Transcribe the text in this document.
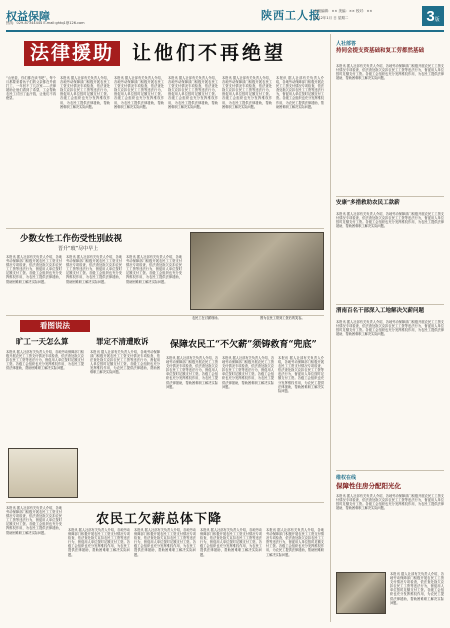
权益保障
热线：029-87344444 E-mail:ghtq1@126.com
陕西工人报
本版编辑：×× 美编：×× 校对：××
2012年1月 日 星期二	3版
法律援助 让他们不再绝望
“山里娃，你们都在读书吧”。每个月都要来看孩子们的父亲都在外面打工，一年回不了几次家……法律援助让他们看到了希望，工会帮助农民工讨回了血汗钱，让他们不再绝望。
本报讯 据人社部有关负责人介绍，各地劳动保障部门积极开展农民工工资支付情况专项检查，依法查处拖欠克扣农民工工资等违法行为，督促用人单位按时足额支付工资。各级工会组织也充分发挥维权作用，为农民工提供法律援助，帮助困难职工解决实际问题。
本报讯 据人社部有关负责人介绍，各地劳动保障部门积极开展农民工工资支付情况专项检查，依法查处拖欠克扣农民工工资等违法行为，督促用人单位按时足额支付工资。各级工会组织也充分发挥维权作用，为农民工提供法律援助，帮助困难职工解决实际问题。
本报讯 据人社部有关负责人介绍，各地劳动保障部门积极开展农民工工资支付情况专项检查，依法查处拖欠克扣农民工工资等违法行为，督促用人单位按时足额支付工资。各级工会组织也充分发挥维权作用，为农民工提供法律援助，帮助困难职工解决实际问题。
本报讯 据人社部有关负责人介绍，各地劳动保障部门积极开展农民工工资支付情况专项检查，依法查处拖欠克扣农民工工资等违法行为，督促用人单位按时足额支付工资。各级工会组织也充分发挥维权作用，为农民工提供法律援助，帮助困难职工解决实际问题。
本报讯 据人社部有关负责人介绍，各地劳动保障部门积极开展农民工工资支付情况专项检查，依法查处拖欠克扣农民工工资等违法行为，督促用人单位按时足额支付工资。各级工会组织也充分发挥维权作用，为农民工提供法律援助，帮助困难职工解决实际问题。
少数女性工作伤受性别歧视
晋升“玻”尽中早上
本报讯 据人社部有关负责人介绍，各地劳动保障部门积极开展农民工工资支付情况专项检查，依法查处拖欠克扣农民工工资等违法行为，督促用人单位按时足额支付工资。各级工会组织也充分发挥维权作用，为农民工提供法律援助，帮助困难职工解决实际问题。
本报讯 据人社部有关负责人介绍，各地劳动保障部门积极开展农民工工资支付情况专项检查，依法查处拖欠克扣农民工工资等违法行为，督促用人单位按时足额支付工资。各级工会组织也充分发挥维权作用，为农民工提供法律援助，帮助困难职工解决实际问题。
本报讯 据人社部有关负责人介绍，各地劳动保障部门积极开展农民工工资支付情况专项检查，依法查处拖欠克扣农民工工资等违法行为，督促用人单位按时足额支付工资。各级工会组织也充分发挥维权作用，为农民工提供法律援助，帮助困难职工解决实际问题。
看图说法
旷工一天怎么算	罪定不清遭败诉
本报讯 据人社部有关负责人介绍，各地劳动保障部门积极开展农民工工资支付情况专项检查，依法查处拖欠克扣农民工工资等违法行为，督促用人单位按时足额支付工资。各级工会组织也充分发挥维权作用，为农民工提供法律援助，帮助困难职工解决实际问题。
本报讯 据人社部有关负责人介绍，各地劳动保障部门积极开展农民工工资支付情况专项检查，依法查处拖欠克扣农民工工资等违法行为，督促用人单位按时足额支付工资。各级工会组织也充分发挥维权作用，为农民工提供法律援助，帮助困难职工解决实际问题。
农民工在讨薪现场。	图为农民工领到工资后的笑容。
保障农民工“不欠薪”须铸救育“兜底”
本报讯 据人社部有关负责人介绍，各地劳动保障部门积极开展农民工工资支付情况专项检查，依法查处拖欠克扣农民工工资等违法行为，督促用人单位按时足额支付工资。各级工会组织也充分发挥维权作用，为农民工提供法律援助，帮助困难职工解决实际问题。
本报讯 据人社部有关负责人介绍，各地劳动保障部门积极开展农民工工资支付情况专项检查，依法查处拖欠克扣农民工工资等违法行为，督促用人单位按时足额支付工资。各级工会组织也充分发挥维权作用，为农民工提供法律援助，帮助困难职工解决实际问题。
本报讯 据人社部有关负责人介绍，各地劳动保障部门积极开展农民工工资支付情况专项检查，依法查处拖欠克扣农民工工资等违法行为，督促用人单位按时足额支付工资。各级工会组织也充分发挥维权作用，为农民工提供法律援助，帮助困难职工解决实际问题。
本报讯 据人社部有关负责人介绍，各地劳动保障部门积极开展农民工工资支付情况专项检查，依法查处拖欠克扣农民工工资等违法行为，督促用人单位按时足额支付工资。各级工会组织也充分发挥维权作用，为农民工提供法律援助，帮助困难职工解决实际问题。
农民工欠薪总体下降
本报讯 据人社部有关负责人介绍，各地劳动保障部门积极开展农民工工资支付情况专项检查，依法查处拖欠克扣农民工工资等违法行为，督促用人单位按时足额支付工资。各级工会组织也充分发挥维权作用，为农民工提供法律援助，帮助困难职工解决实际问题。
本报讯 据人社部有关负责人介绍，各地劳动保障部门积极开展农民工工资支付情况专项检查，依法查处拖欠克扣农民工工资等违法行为，督促用人单位按时足额支付工资。各级工会组织也充分发挥维权作用，为农民工提供法律援助，帮助困难职工解决实际问题。
本报讯 据人社部有关负责人介绍，各地劳动保障部门积极开展农民工工资支付情况专项检查，依法查处拖欠克扣农民工工资等违法行为，督促用人单位按时足额支付工资。各级工会组织也充分发挥维权作用，为农民工提供法律援助，帮助困难职工解决实际问题。
本报讯 据人社部有关负责人介绍，各地劳动保障部门积极开展农民工工资支付情况专项检查，依法查处拖欠克扣农民工工资等违法行为，督促用人单位按时足额支付工资。各级工会组织也充分发挥维权作用，为农民工提供法律援助，帮助困难职工解决实际问题。
人社部答
持同会提支资基础和复工劳都然基础
本报讯 据人社部有关负责人介绍，各地劳动保障部门积极开展农民工工资支付情况专项检查，依法查处拖欠克扣农民工工资等违法行为，督促用人单位按时足额支付工资。各级工会组织也充分发挥维权作用，为农民工提供法律援助，帮助困难职工解决实际问题。
安康“多措救助农民工款薪
本报讯 据人社部有关负责人介绍，各地劳动保障部门积极开展农民工工资支付情况专项检查，依法查处拖欠克扣农民工工资等违法行为，督促用人单位按时足额支付工资。各级工会组织也充分发挥维权作用，为农民工提供法律援助，帮助困难职工解决实际问题。
渭南百名干部深入工地解决欠薪问题
本报讯 据人社部有关负责人介绍，各地劳动保障部门积极开展农民工工资支付情况专项检查，依法查处拖欠克扣农民工工资等违法行为，督促用人单位按时足额支付工资。各级工会组织也充分发挥维权作用，为农民工提供法律援助，帮助困难职工解决实际问题。
维权在线
保障性住房分配阳光化
本报讯 据人社部有关负责人介绍，各地劳动保障部门积极开展农民工工资支付情况专项检查，依法查处拖欠克扣农民工工资等违法行为，督促用人单位按时足额支付工资。各级工会组织也充分发挥维权作用，为农民工提供法律援助，帮助困难职工解决实际问题。
本报讯 据人社部有关负责人介绍，各地劳动保障部门积极开展农民工工资支付情况专项检查，依法查处拖欠克扣农民工工资等违法行为，督促用人单位按时足额支付工资。各级工会组织也充分发挥维权作用，为农民工提供法律援助，帮助困难职工解决实际问题。
